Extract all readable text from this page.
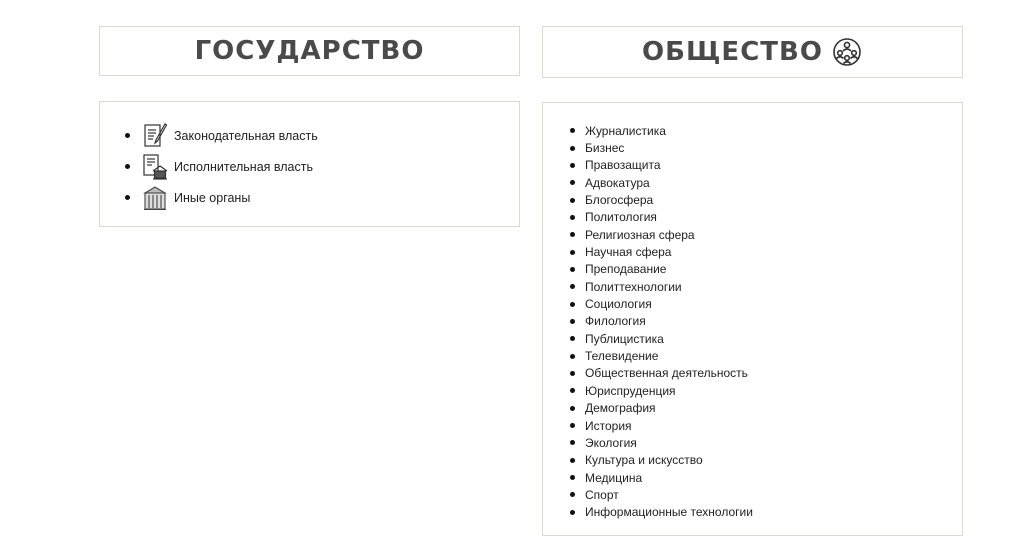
ГОСУДАРСТВО	ОБЩЕСТВО
Законодательная власть
Исполнительная власть
Иные органы
Журналистика
Бизнес
Правозащита
Адвокатура
Блогосфера
Политология
Религиозная сфера
Научная сфера
Преподавание
Политтехнологии
Социология
Филология
Публицистика
Телевидение
Общественная деятельность
Юриспруденция
Демография
История
Экология
Культура и искусство
Медицина
Спорт
Информационные технологии
